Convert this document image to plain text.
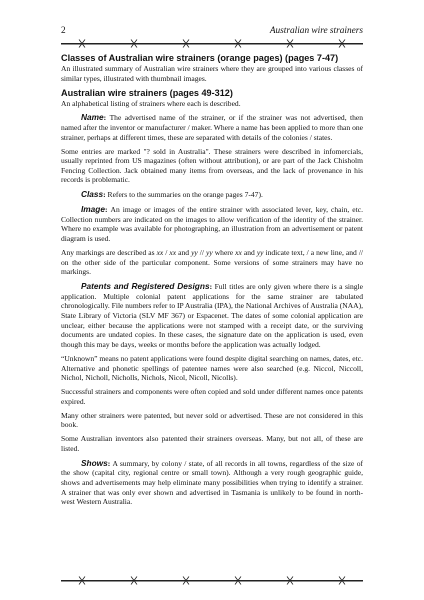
2	Australian wire strainers
Classes of Australian wire strainers (orange pages) (pages 7-47)

An illustrated summary of Australian wire strainers where they are grouped into various classes of similar types, illustrated with thumbnail images.

Australian wire strainers (pages 49-312)

An alphabetical listing of strainers where each is described.

Name: The advertised name of the strainer, or if the strainer was not advertised, then named after the inventor or manufacturer / maker. Where a name has been applied to more than one strainer, perhaps at different times, these are separated with details of the colonies / states.

Some entries are marked "? sold in Australia". These strainers were described in infomercials, usually reprinted from US magazines (often without attribution), or are part of the Jack Chisholm Fencing Collection. Jack obtained many items from overseas, and the lack of provenance in his records is problematic.

Class: Refers to the summaries on the orange pages 7-47).

Image: An image or images of the entire strainer with associated lever, key, chain, etc. Collection numbers are indicated on the images to allow verification of the identity of the strainer. Where no example was available for photographing, an illustration from an advertisement or patent diagram is used.

Any markings are described as xx / xx and yy // yy where xx and yy indicate text, / a new line, and // on the other side of the particular component. Some versions of some strainers may have no markings.

Patents and Registered Designs: Full titles are only given where there is a single application. Multiple colonial patent applications for the same strainer are tabulated chronologically. File numbers refer to IP Australia (IPA), the National Archives of Australia (NAA), State Library of Victoria (SLV MF 367) or Espacenet. The dates of some colonial application are unclear, either because the applications were not stamped with a receipt date, or the surviving documents are undated copies. In these cases, the signature date on the application is used, even though this may be days, weeks or months before the application was actually lodged.

“Unknown” means no patent applications were found despite digital searching on names, dates, etc. Alternative and phonetic spellings of patentee names were also searched (e.g. Niccol, Niccoll, Nichol, Nicholl, Nicholls, Nichols, Nicol, Nicoll, Nicolls).

Successful strainers and components were often copied and sold under different names once patents expired.

Many other strainers were patented, but never sold or advertised. These are not considered in this book.

Some Australian inventors also patented their strainers overseas. Many, but not all, of these are listed.

Shows: A summary, by colony / state, of all records in all towns, regardless of the size of the show (capital city, regional centre or small town). Although a very rough geographic guide, shows and advertisements may help eliminate many possibilities when trying to identify a strainer. A strainer that was only ever shown and advertised in Tasmania is unlikely to be found in north-west Western Australia.
